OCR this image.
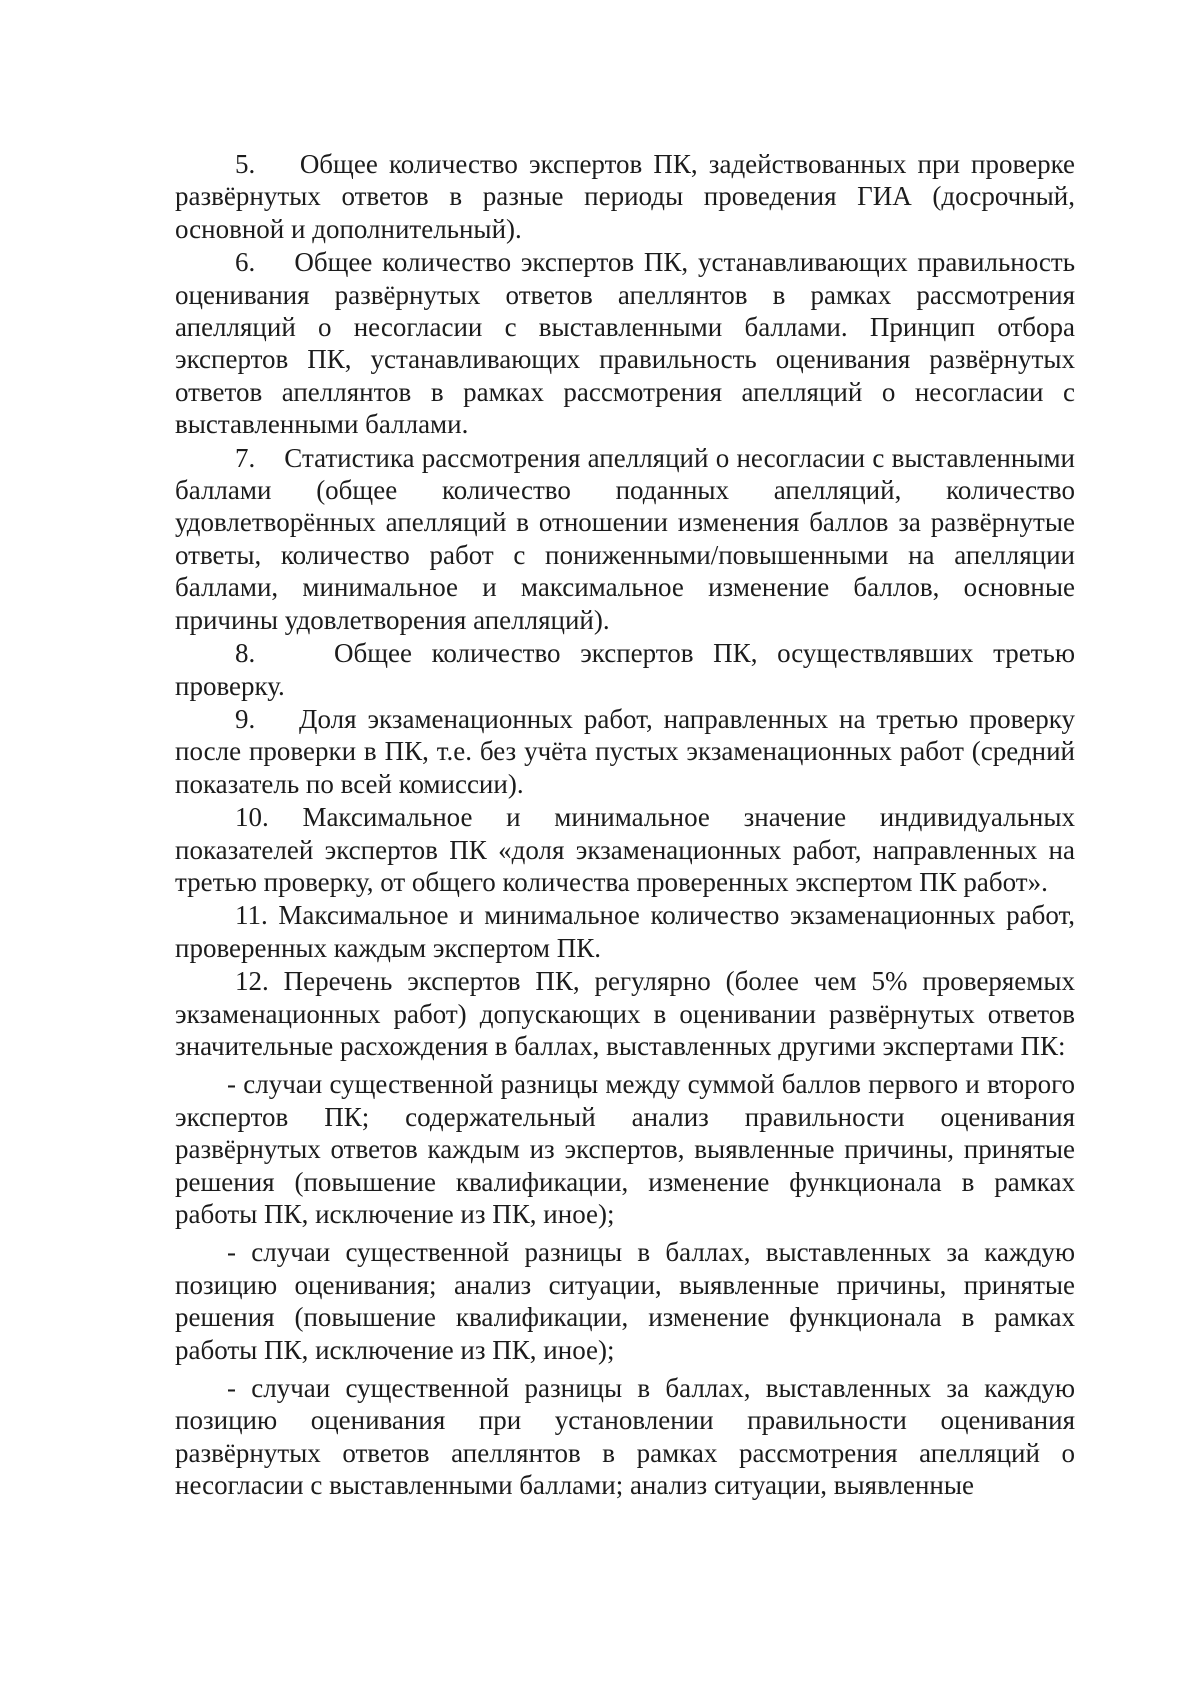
5. Общее количество экспертов ПК, задействованных при проверке развёрнутых ответов в разные периоды проведения ГИА (досрочный, основной и дополнительный).

6. Общее количество экспертов ПК, устанавливающих правильность оценивания развёрнутых ответов апеллянтов в рамках рассмотрения апелляций о несогласии с выставленными баллами. Принцип отбора экспертов ПК, устанавливающих правильность оценивания развёрнутых ответов апеллянтов в рамках рассмотрения апелляций о несогласии с выставленными баллами.

7. Статистика рассмотрения апелляций о несогласии с выставленными баллами (общее количество поданных апелляций, количество удовлетворённых апелляций в отношении изменения баллов за развёрнутые ответы, количество работ с пониженными/повышенными на апелляции баллами, минимальное и максимальное изменение баллов, основные причины удовлетворения апелляций).

8.	Общее количество экспертов ПК, осуществлявших третью проверку.

9. Доля экзаменационных работ, направленных на третью проверку после проверки в ПК, т.е. без учёта пустых экзаменационных работ (средний показатель по всей комиссии).

10. Максимальное и минимальное значение индивидуальных показателей экспертов ПК «доля экзаменационных работ, направленных на третью проверку, от общего количества проверенных экспертом ПК работ».

11. Максимальное и минимальное количество экзаменационных работ, проверенных каждым экспертом ПК.

12. Перечень экспертов ПК, регулярно (более чем 5% проверяемых экзаменационных работ) допускающих в оценивании развёрнутых ответов значительные расхождения в баллах, выставленных другими экспертами ПК:

- случаи существенной разницы между суммой баллов первого и второго экспертов ПК; содержательный анализ правильности оценивания развёрнутых ответов каждым из экспертов, выявленные причины, принятые решения (повышение квалификации, изменение функционала в рамках работы ПК, исключение из ПК, иное);

- случаи существенной разницы в баллах, выставленных за каждую позицию оценивания; анализ ситуации, выявленные причины, принятые решения (повышение квалификации, изменение функционала в рамках работы ПК, исключение из ПК, иное);

- случаи существенной разницы в баллах, выставленных за каждую позицию оценивания при установлении правильности оценивания развёрнутых ответов апеллянтов в рамках рассмотрения апелляций о несогласии с выставленными баллами; анализ ситуации, выявленные
